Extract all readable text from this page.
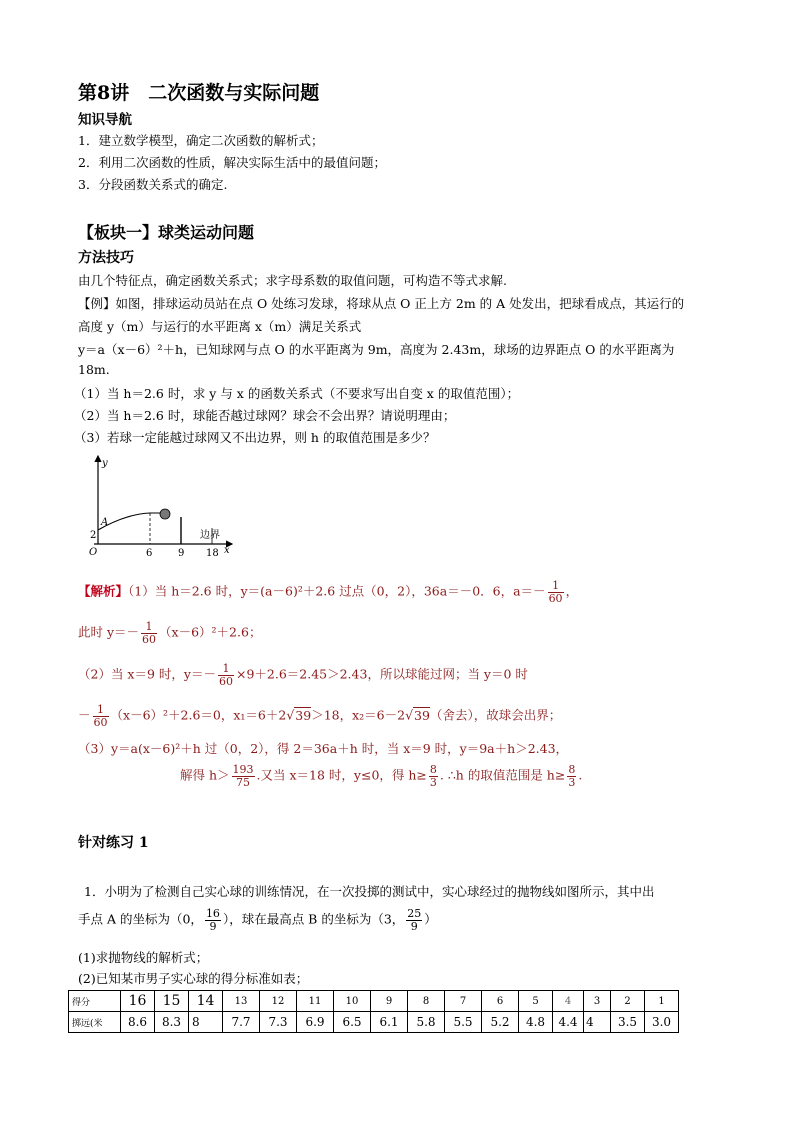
第8讲　二次函数与实际问题
知识导航
1．建立数学模型，确定二次函数的解析式；
2．利用二次函数的性质，解决实际生活中的最值问题；
3．分段函数关系式的确定.
【板块一】球类运动问题
方法技巧
由几个特征点，确定函数关系式；求字母系数的取值问题，可构造不等式求解.
【例】如图，排球运动员站在点 O 处练习发球，将球从点 O 正上方 2m 的 A 处发出，把球看成点，其运行的
高度 y（m）与运行的水平距离 x（m）满足关系式
y＝a（x－6）²＋h，已知球网与点 O 的水平距离为 9m，高度为 2.43m，球场的边界距点 O 的水平距离为
18m.
（1）当 h＝2.6 时，求 y 与 x 的函数关系式（不要求写出自变 x 的取值范围）；
（2）当 h＝2.6 时，球能否越过球网？球会不会出界？请说明理由；
（3）若球一定能越过球网又不出边界，则 h 的取值范围是多少？
y
O
A
2
6	9 18
边界
x
【解析】（1）当 h＝2.6 时，y＝(a－6)²＋2.6 过点（0，2），36a＝－0．6，$a=- \frac{1}{60}$ ，
此时 $y=- \frac{1}{60} (x-6)^2+2.6$；
（2）当 x＝9 时，$y=- \frac{1}{60} \times 9+2.6=2.45>2.43$，所以球能过网；当 y＝0 时
－ $\frac{1}{60} (x-6)^2+2.6=0$，x₁＝6＋2√39＞18，x₂＝6－2√39（舍去），故球会出界；
（3）y＝a(x－6)²＋h 过（0，2），得 2＝36a＋h 时，当 x＝9 时，y＝9a＋h＞2.43，
解得 $h> \frac{193}{75}$ .又当 x＝18 时，y≤0，得 $h\ge \frac{8}{3}$ . ∴h 的取值范围是 $h\ge \frac{8}{3}$ .
针对练习 1
1．小明为了检测自己实心球的训练情况，在一次投掷的测试中，实心球经过的抛物线如图所示，其中出
手点 A 的坐标为（0， $\frac{16}{9}$ ），球在最高点 B 的坐标为（3， $\frac{25}{9}$ ）
(1)求抛物线的解析式；
(2)已知某市男子实心球的得分标准如表；
得分	16	15	14	13	12	11	10	9	8	7	6	5	4	3	2	1
掷远(米	8.6	8.3	8	7.7	7.3	6.9	6.5	6.1	5.8	5.5	5.2	4.8	4.4	4	3.5	3.0
